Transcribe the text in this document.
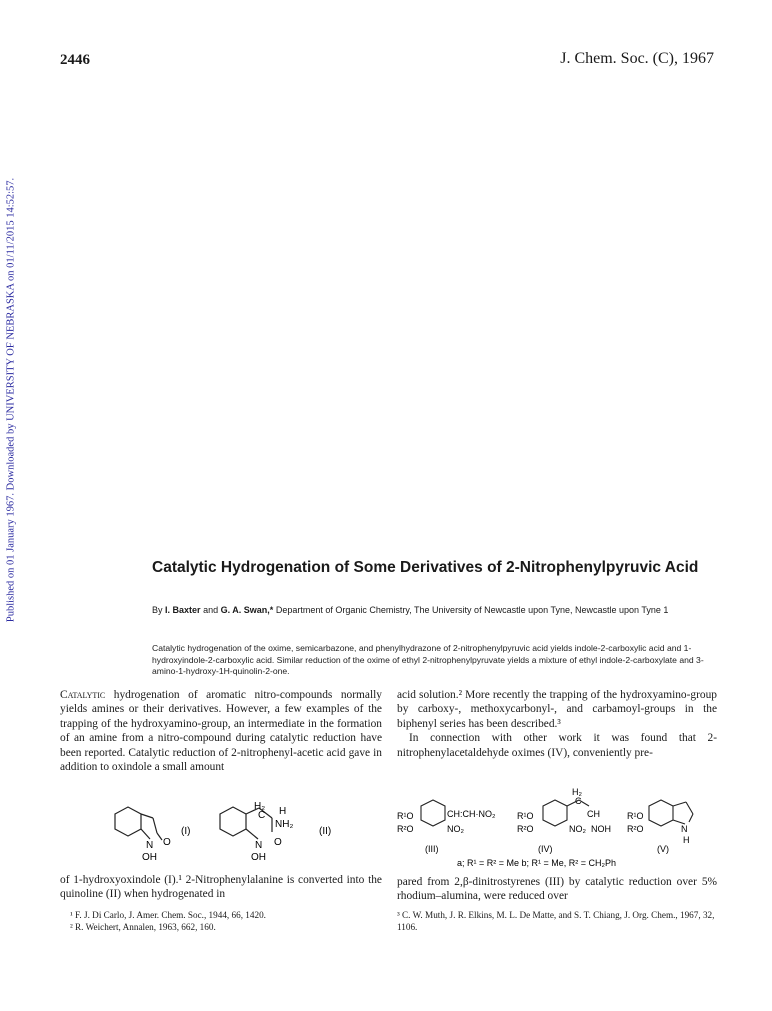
2446	J. Chem. Soc. (C), 1967
Published on 01 January 1967. Downloaded by UNIVERSITY OF NEBRASKA on 01/11/2015 14:52:57.	Catalytic Hydrogenation of Some Derivatives of 2-Nitrophenylpyruvic Acid
By I. Baxter and G. A. Swan,* Department of Organic Chemistry, The University of Newcastle upon Tyne, Newcastle upon Tyne 1
Catalytic hydrogenation of the oxime, semicarbazone, and phenylhydrazone of 2-nitrophenylpyruvic acid yields indole-2-carboxylic acid and 1-hydroxyindole-2-carboxylic acid. Similar reduction of the oxime of ethyl 2-nitrophenylpyruvate yields a mixture of ethyl indole-2-carboxylate and 3-amino-1-hydroxy-1H-quinolin-2-one.

Catalytic hydrogenation of aromatic nitro-compounds normally yields amines or their derivatives. However, a few examples of the trapping of the hydroxyamino-group, an intermediate in the formation of an amine from a nitro-compound during catalytic reduction have been reported. Catalytic reduction of 2-nitrophenyl-acetic acid gave in addition to oxindole a small amount

acid solution.² More recently the trapping of the hydroxyamino-group by carboxy-, methoxycarbonyl-, and carbamoyl-groups in the biphenyl series has been described.³

In connection with other work it was found that 2-nitrophenylacetaldehyde oximes (IV), conveniently pre-

N O
OH
(I)
H₂
C H
NH₂
N O
OH
(II)
R¹O
R²O
CH:CH·NO₂
NO₂
(III)
R¹O
R²O
H₂
C
CH
NO₂ NOH
(IV)
R¹O
R²O	N
H
(V)
a; R¹ = R² = Me b; R¹ = Me, R² = CH₂Ph

of 1-hydroxyoxindole (I).¹ 2-Nitrophenylalanine is converted into the quinoline (II) when hydrogenated in

pared from 2,β-dinitrostyrenes (III) by catalytic reduction over 5% rhodium–alumina, were reduced over

¹ F. J. Di Carlo, J. Amer. Chem. Soc., 1944, 66, 1420.
² R. Weichert, Annalen, 1963, 662, 160.
³ C. W. Muth, J. R. Elkins, M. L. De Matte, and S. T. Chiang, J. Org. Chem., 1967, 32, 1106.
